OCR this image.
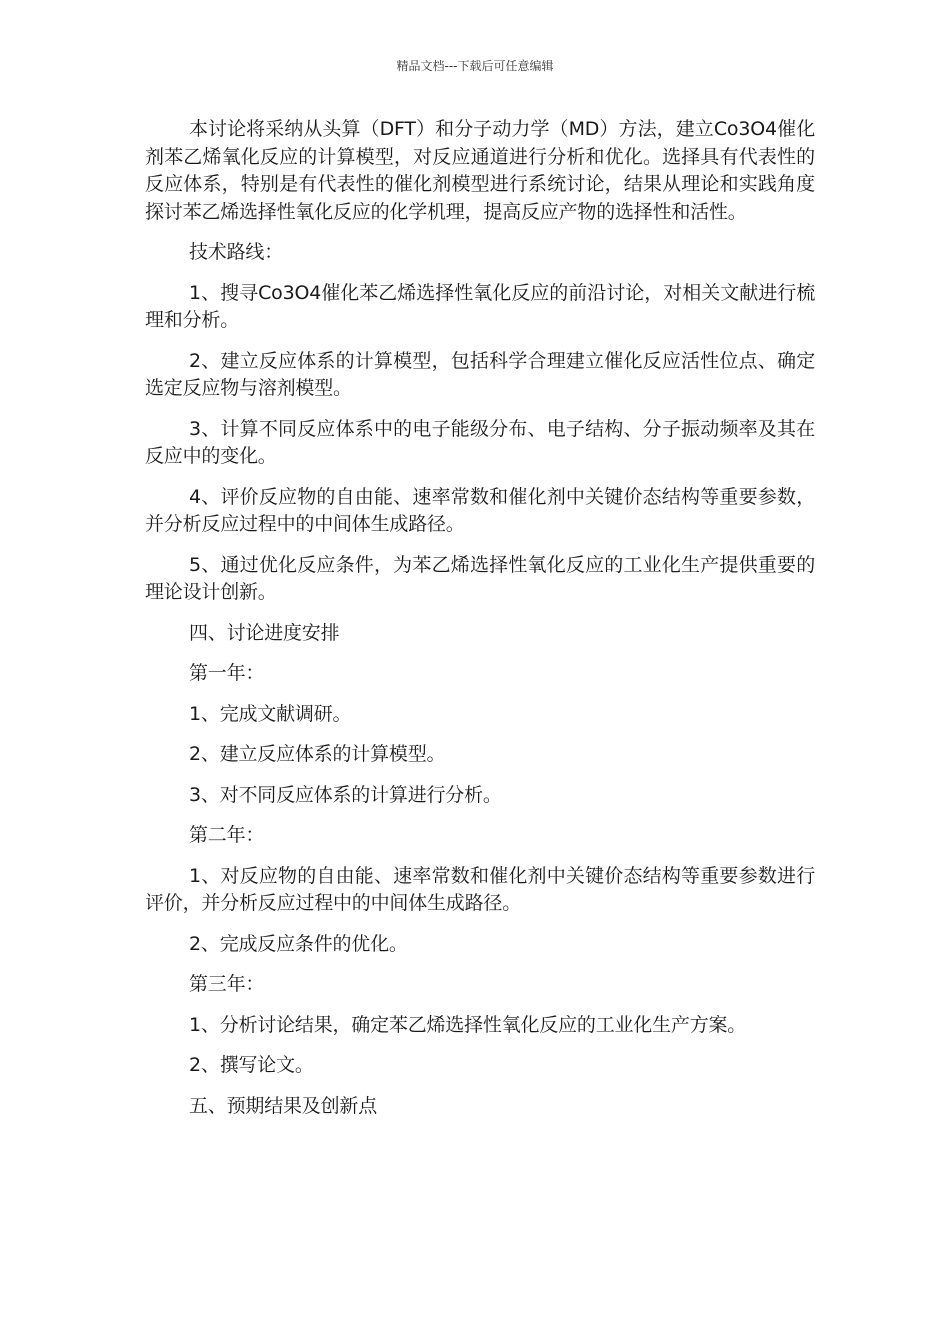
精品文档---下载后可任意编辑

本讨论将采纳从头算（DFT）和分子动力学（MD）方法，建立Co3O4催化剂苯乙烯氧化反应的计算模型，对反应通道进行分析和优化。选择具有代表性的反应体系，特别是有代表性的催化剂模型进行系统讨论，结果从理论和实践角度探讨苯乙烯选择性氧化反应的化学机理，提高反应产物的选择性和活性。

技术路线：

1、搜寻Co3O4催化苯乙烯选择性氧化反应的前沿讨论，对相关文献进行梳理和分析。

2、建立反应体系的计算模型，包括科学合理建立催化反应活性位点、确定选定反应物与溶剂模型。

3、计算不同反应体系中的电子能级分布、电子结构、分子振动频率及其在反应中的变化。

4、评价反应物的自由能、速率常数和催化剂中关键价态结构等重要参数，并分析反应过程中的中间体生成路径。

5、通过优化反应条件，为苯乙烯选择性氧化反应的工业化生产提供重要的理论设计创新。

四、讨论进度安排

第一年：

1、完成文献调研。

2、建立反应体系的计算模型。

3、对不同反应体系的计算进行分析。

第二年：

1、对反应物的自由能、速率常数和催化剂中关键价态结构等重要参数进行评价，并分析反应过程中的中间体生成路径。

2、完成反应条件的优化。

第三年：

1、分析讨论结果，确定苯乙烯选择性氧化反应的工业化生产方案。

2、撰写论文。

五、预期结果及创新点
